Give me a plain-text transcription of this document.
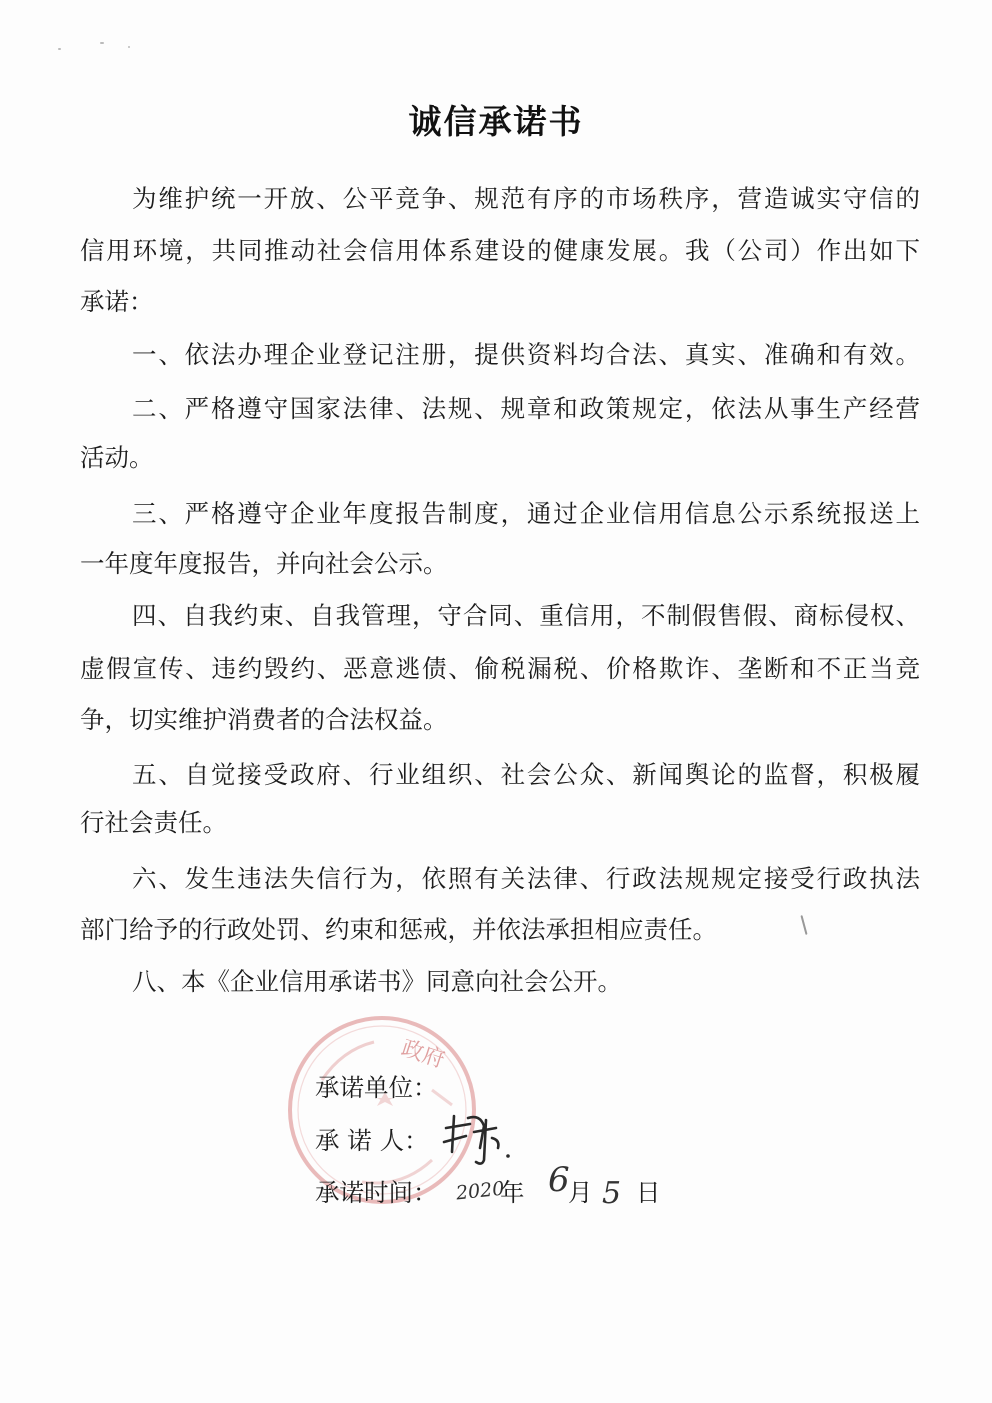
诚信承诺书
为维护统一开放、公平竞争、规范有序的市场秩序，营造诚实守信的
信用环境，共同推动社会信用体系建设的健康发展。我（公司）作出如下
承诺：
一、依法办理企业登记注册，提供资料均合法、真实、准确和有效。
二、严格遵守国家法律、法规、规章和政策规定，依法从事生产经营
活动。
三、严格遵守企业年度报告制度，通过企业信用信息公示系统报送上
一年度年度报告，并向社会公示。
四、自我约束、自我管理，守合同、重信用，不制假售假、商标侵权、
虚假宣传、违约毁约、恶意逃债、偷税漏税、价格欺诈、垄断和不正当竞
争，切实维护消费者的合法权益。
五、自觉接受政府、行业组织、社会公众、新闻舆论的监督，积极履
行社会责任。
六、发生违法失信行为，依照有关法律、行政法规规定接受行政执法
部门给予的行政处罚、约束和惩戒，并依法承担相应责任。
八、本《企业信用承诺书》同意向社会公开。
政府
承诺单位：
承 诺 人：
承诺时间： 2020
年 6
月 5 日
